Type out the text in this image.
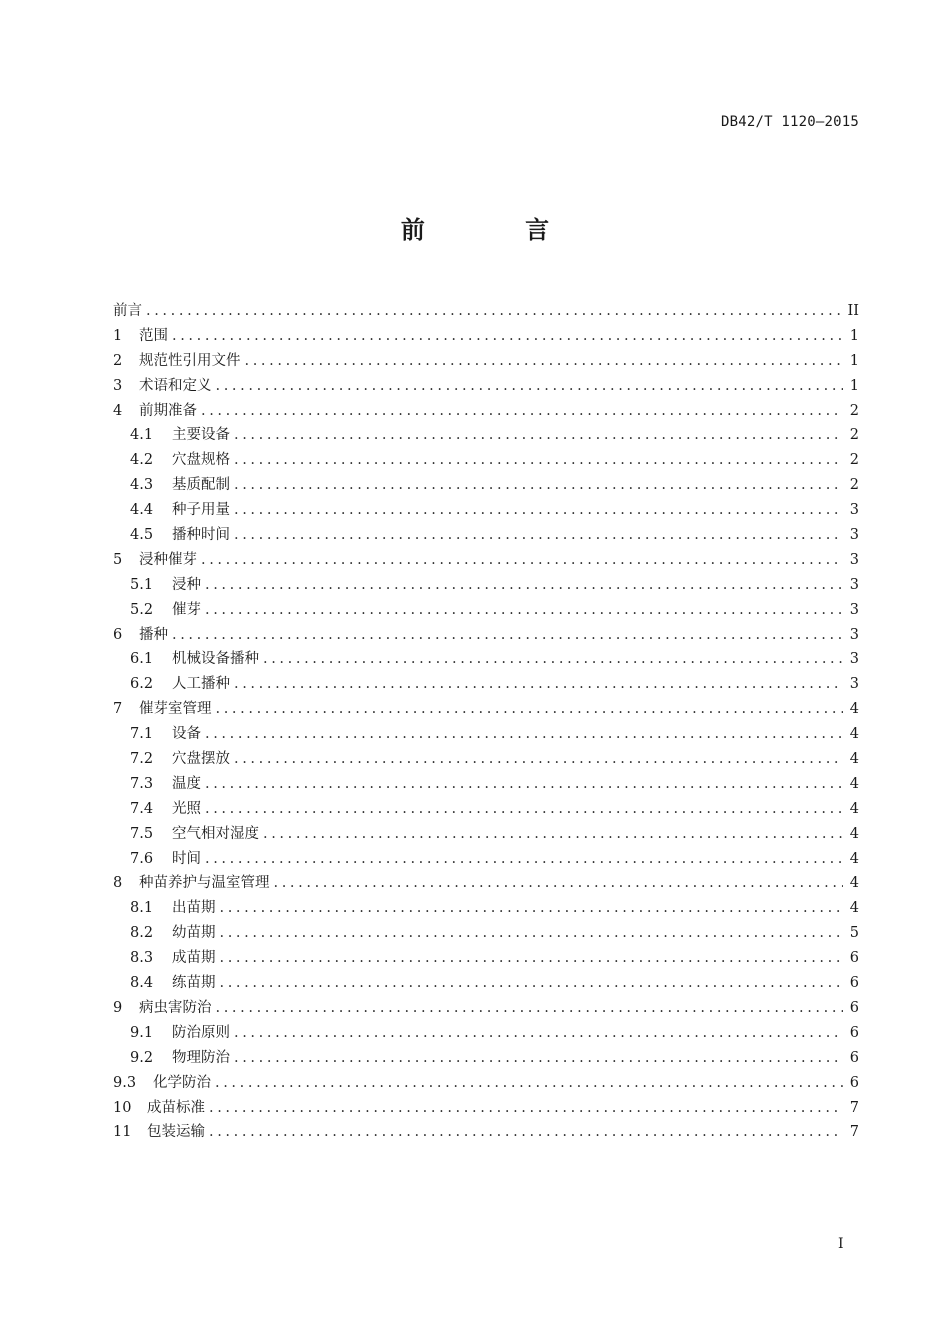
DB42/T 1120—2015
前 言
前言 . . .	II
1	范围 . . .	1
2	规范性引用文件 . . .	1
3	术语和定义 . . .	1
4	前期准备 . . .	2
4.1	主要设备 . . .	2
4.2	穴盘规格 . . .	2
4.3	基质配制 . . .	2
4.4	种子用量 . . .	3
4.5	播种时间 . . .	3
5	浸种催芽 . . .	3
5.1	浸种 . . .	3
5.2	催芽 . . .	3
6	播种 . . .	3
6.1	机械设备播种 . . .	3
6.2	人工播种 . . .	3
7	催芽室管理 . . .	4
7.1	设备 . . .	4
7.2	穴盘摆放 . . .	4
7.3	温度 . . .	4
7.4	光照 . . .	4
7.5	空气相对湿度 . . .	4
7.6	时间 . . .	4
8	种苗养护与温室管理 . . .	4
8.1	出苗期 . . .	4
8.2	幼苗期 . . .	5
8.3	成苗期 . . .	6
8.4	练苗期 . . .	6
9	病虫害防治 . . .	6
9.1	防治原则 . . .	6
9.2	物理防治 . . .	6
9.3	化学防治 . . .	6
10	成苗标准 . . .	7
11	包装运输 . . .	7
I
